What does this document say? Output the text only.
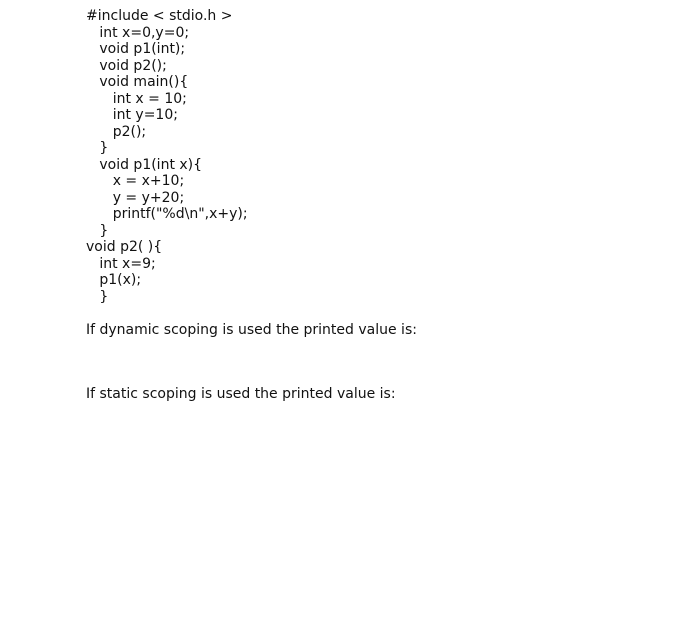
#include < stdio.h >
int x=0,y=0;
void p1(int);
void p2();
void main(){
int x = 10;
int y=10;
p2();
}
void p1(int x){
x = x+10;
y = y+20;
printf("%d\n",x+y);
}
void p2( ){
int x=9;
p1(x);
}
If dynamic scoping is used the printed value is:
If static scoping is used the printed value is:
